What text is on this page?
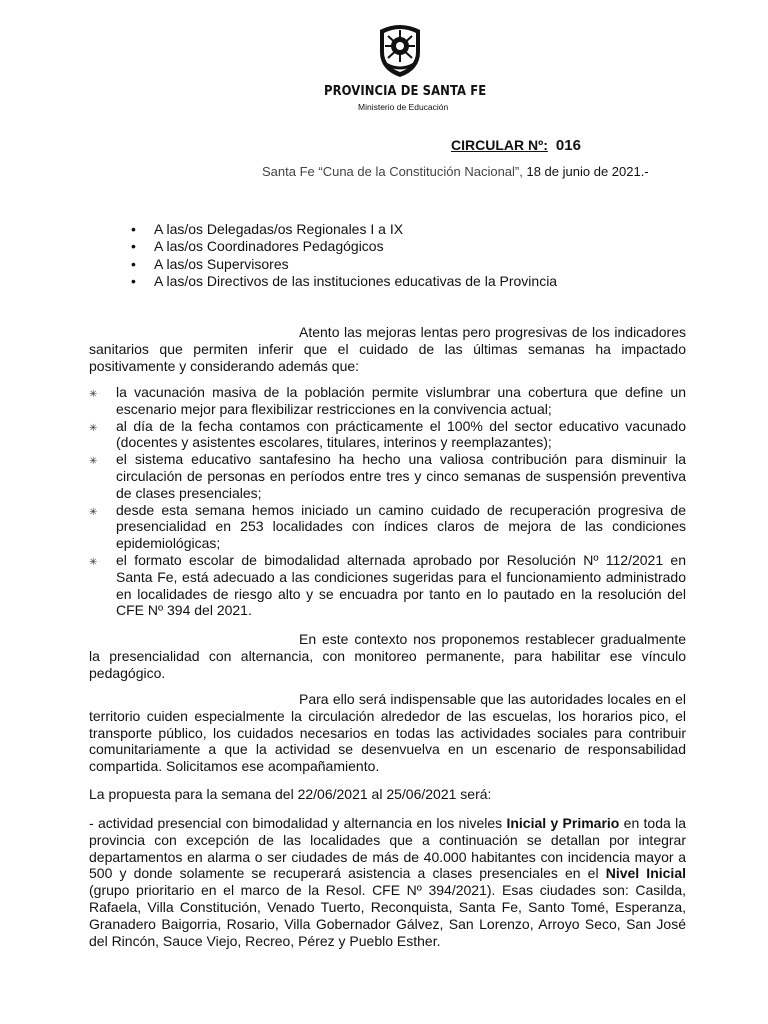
PROVINCIA DE SANTA FE
Ministerio de Educación
CIRCULAR Nº: 016
Santa Fe “Cuna de la Constitución Nacional”, 18 de junio de 2021.-
• A las/os Delegadas/os Regionales I a IX
• A las/os Coordinadores Pedagógicos
• A las/os Supervisores
• A las/os Directivos de las instituciones educativas de la Provincia
Atento las mejoras lentas pero progresivas de los indicadores sanitarios que permiten inferir que el cuidado de las últimas semanas ha impactado positivamente y considerando además que:
✳ la vacunación masiva de la población permite vislumbrar una cobertura que define un escenario mejor para flexibilizar restricciones en la convivencia actual;
✳ al día de la fecha contamos con prácticamente el 100% del sector educativo vacunado (docentes y asistentes escolares, titulares, interinos y reemplazantes);
✳ el sistema educativo santafesino ha hecho una valiosa contribución para disminuir la circulación de personas en períodos entre tres y cinco semanas de suspensión preventiva de clases presenciales;
✳ desde esta semana hemos iniciado un camino cuidado de recuperación progresiva de presencialidad en 253 localidades con índices claros de mejora de las condiciones epidemiológicas;
✳ el formato escolar de bimodalidad alternada aprobado por Resolución Nº 112/2021 en Santa Fe, está adecuado a las condiciones sugeridas para el funcionamiento administrado en localidades de riesgo alto y se encuadra por tanto en lo pautado en la resolución del CFE Nº 394 del 2021.
En este contexto nos proponemos restablecer gradualmente la presencialidad con alternancia, con monitoreo permanente, para habilitar ese vínculo pedagógico.
Para ello será indispensable que las autoridades locales en el territorio cuiden especialmente la circulación alrededor de las escuelas, los horarios pico, el transporte público, los cuidados necesarios en todas las actividades sociales para contribuir comunitariamente a que la actividad se desenvuelva en un escenario de responsabilidad compartida. Solicitamos ese acompañamiento.
La propuesta para la semana del 22/06/2021 al 25/06/2021 será:
- actividad presencial con bimodalidad y alternancia en los niveles Inicial y Primario en toda la provincia con excepción de las localidades que a continuación se detallan por integrar departamentos en alarma o ser ciudades de más de 40.000 habitantes con incidencia mayor a 500 y donde solamente se recuperará asistencia a clases presenciales en el Nivel Inicial (grupo prioritario en el marco de la Resol. CFE Nº 394/2021). Esas ciudades son: Casilda, Rafaela, Villa Constitución, Venado Tuerto, Reconquista, Santa Fe, Santo Tomé, Esperanza, Granadero Baigorria, Rosario, Villa Gobernador Gálvez, San Lorenzo, Arroyo Seco, San José del Rincón, Sauce Viejo, Recreo, Pérez y Pueblo Esther.
